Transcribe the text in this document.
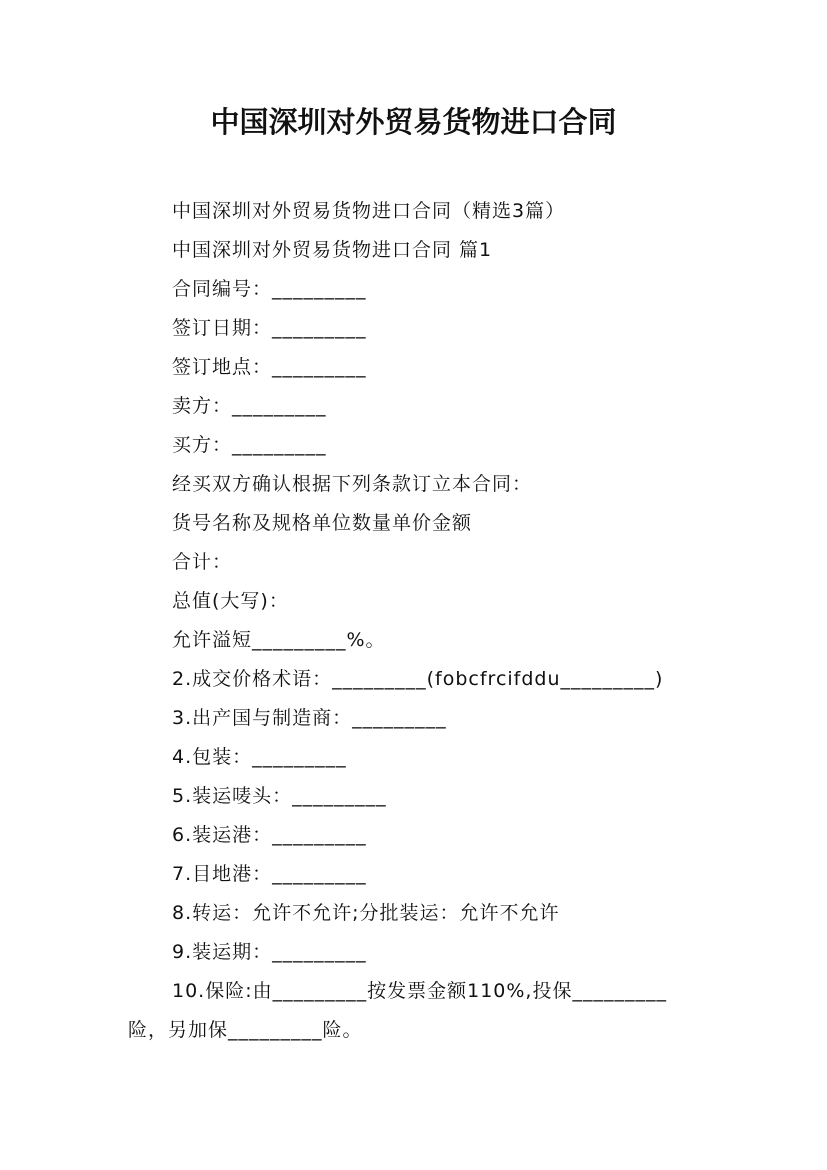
中国深圳对外贸易货物进口合同
中国深圳对外贸易货物进口合同（精选3篇）
中国深圳对外贸易货物进口合同 篇1
合同编号：_________
签订日期：_________
签订地点：_________
卖方：_________
买方：_________
经买双方确认根据下列条款订立本合同：
货号名称及规格单位数量单价金额
合计：
总值(大写)：
允许溢短_________%。
2.成交价格术语：_________(fobcfrcifddu_________)
3.出产国与制造商：_________
4.包装：_________
5.装运唛头：_________
6.装运港：_________
7.目地港：_________
8.转运：允许不允许;分批装运：允许不允许
9.装运期：_________
10.保险:由_________按发票金额110%,投保_________
险，另加保_________险。
